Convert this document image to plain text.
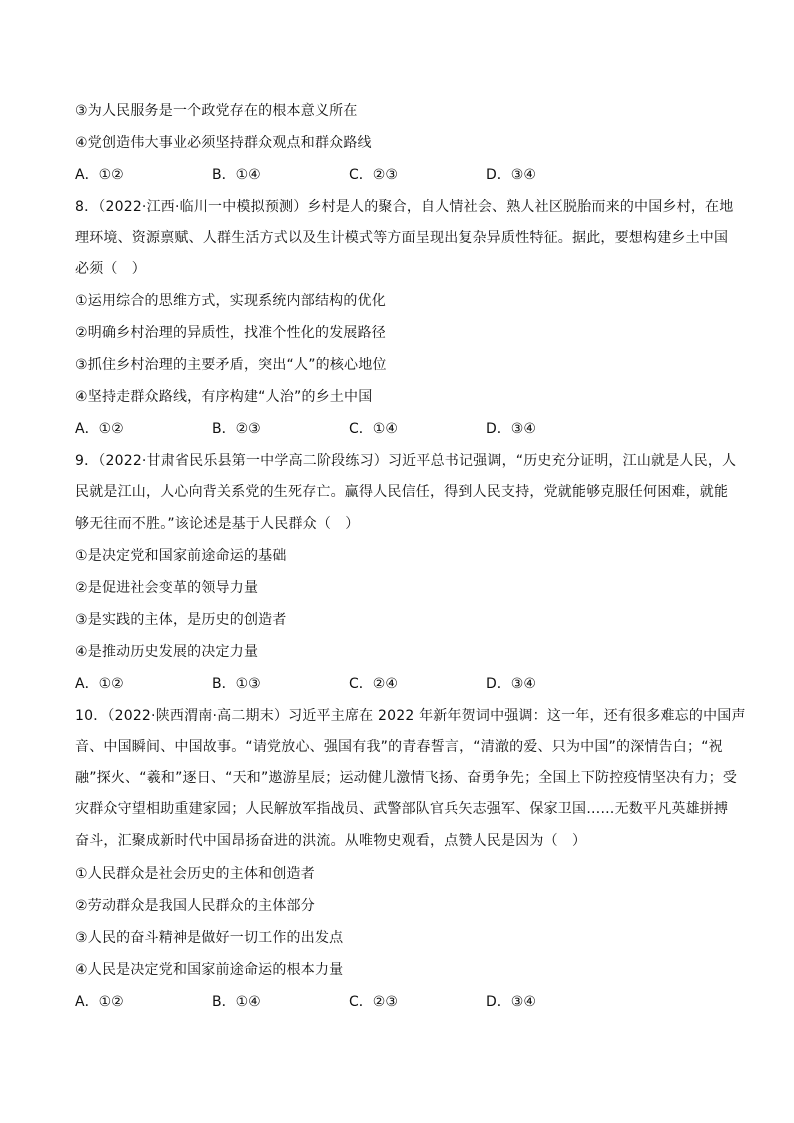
③为人民服务是一个政党存在的根本意义所在
④党创造伟大事业必须坚持群众观点和群众路线
A．①②	B．①④	C．②③	D．③④
8．（2022·江西·临川一中模拟预测）乡村是人的聚合，自人情社会、熟人社区脱胎而来的中国乡村，在地
理环境、资源禀赋、人群生活方式以及生计模式等方面呈现出复杂异质性特征。据此，要想构建乡土中国
必须（　）
①运用综合的思维方式，实现系统内部结构的优化
②明确乡村治理的异质性，找准个性化的发展路径
③抓住乡村治理的主要矛盾，突出“人”的核心地位
④坚持走群众路线，有序构建“人治”的乡土中国
A．①②	B．②③	C．①④	D．③④
9．（2022·甘肃省民乐县第一中学高二阶段练习）习近平总书记强调，“历史充分证明，江山就是人民，人
民就是江山，人心向背关系党的生死存亡。赢得人民信任，得到人民支持，党就能够克服任何困难，就能
够无往而不胜。”该论述是基于人民群众（　）
①是决定党和国家前途命运的基础
②是促进社会变革的领导力量
③是实践的主体，是历史的创造者
④是推动历史发展的决定力量
A．①②	B．①③	C．②④	D．③④
10．（2022·陕西渭南·高二期末）习近平主席在 2022 年新年贺词中强调：这一年，还有很多难忘的中国声
音、中国瞬间、中国故事。“请党放心、强国有我”的青春誓言，“清澈的爱、只为中国”的深情告白；“祝
融”探火、“羲和”逐日、“天和”遨游星辰；运动健儿激情飞扬、奋勇争先；全国上下防控疫情坚决有力；受
灾群众守望相助重建家园；人民解放军指战员、武警部队官兵矢志强军、保家卫国……无数平凡英雄拼搏
奋斗，汇聚成新时代中国昂扬奋进的洪流。从唯物史观看，点赞人民是因为（　）
①人民群众是社会历史的主体和创造者
②劳动群众是我国人民群众的主体部分
③人民的奋斗精神是做好一切工作的出发点
④人民是决定党和国家前途命运的根本力量
A．①②	B．①④	C．②③	D．③④
